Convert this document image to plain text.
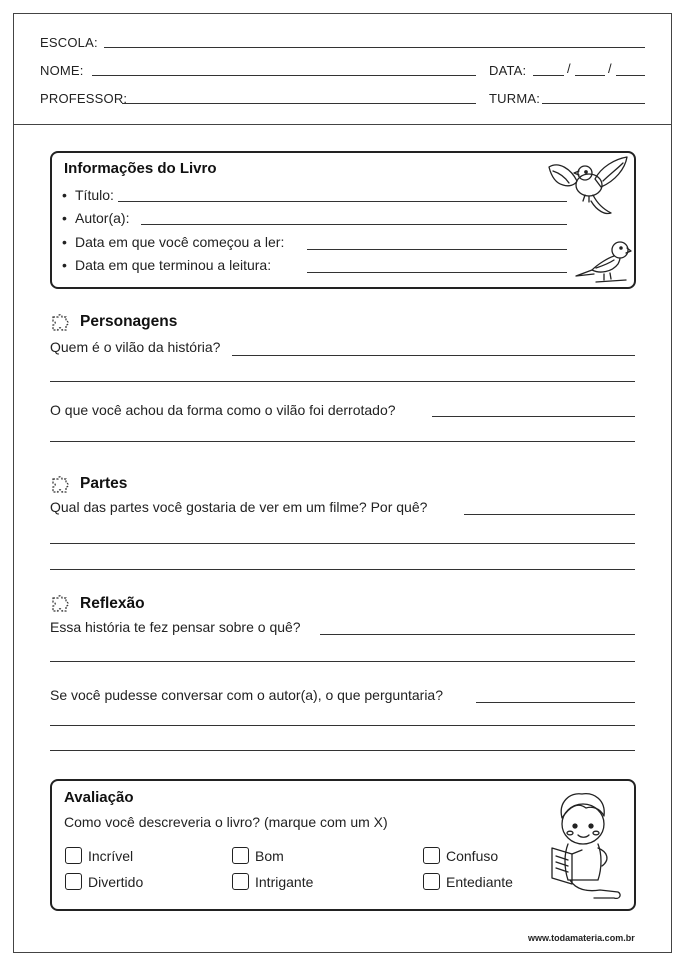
ESCOLA:
NOME:	DATA:	/	/
PROFESSOR:	TURMA:
Informações do Livro
• Título:
• Autor(a):
• Data em que você começou a ler:
• Data em que terminou a leitura:
Personagens
Quem é o vilão da história?
O que você achou da forma como o vilão foi derrotado?
Partes
Qual das partes você gostaria de ver em um filme? Por quê?
Reflexão
Essa história te fez pensar sobre o quê?
Se você pudesse conversar com o autor(a), o que perguntaria?
Avaliação
Como você descreveria o livro? (marque com um X)
Incrível	Bom	Confuso
Divertido	Intrigante	Entediante
www.todamateria.com.br
